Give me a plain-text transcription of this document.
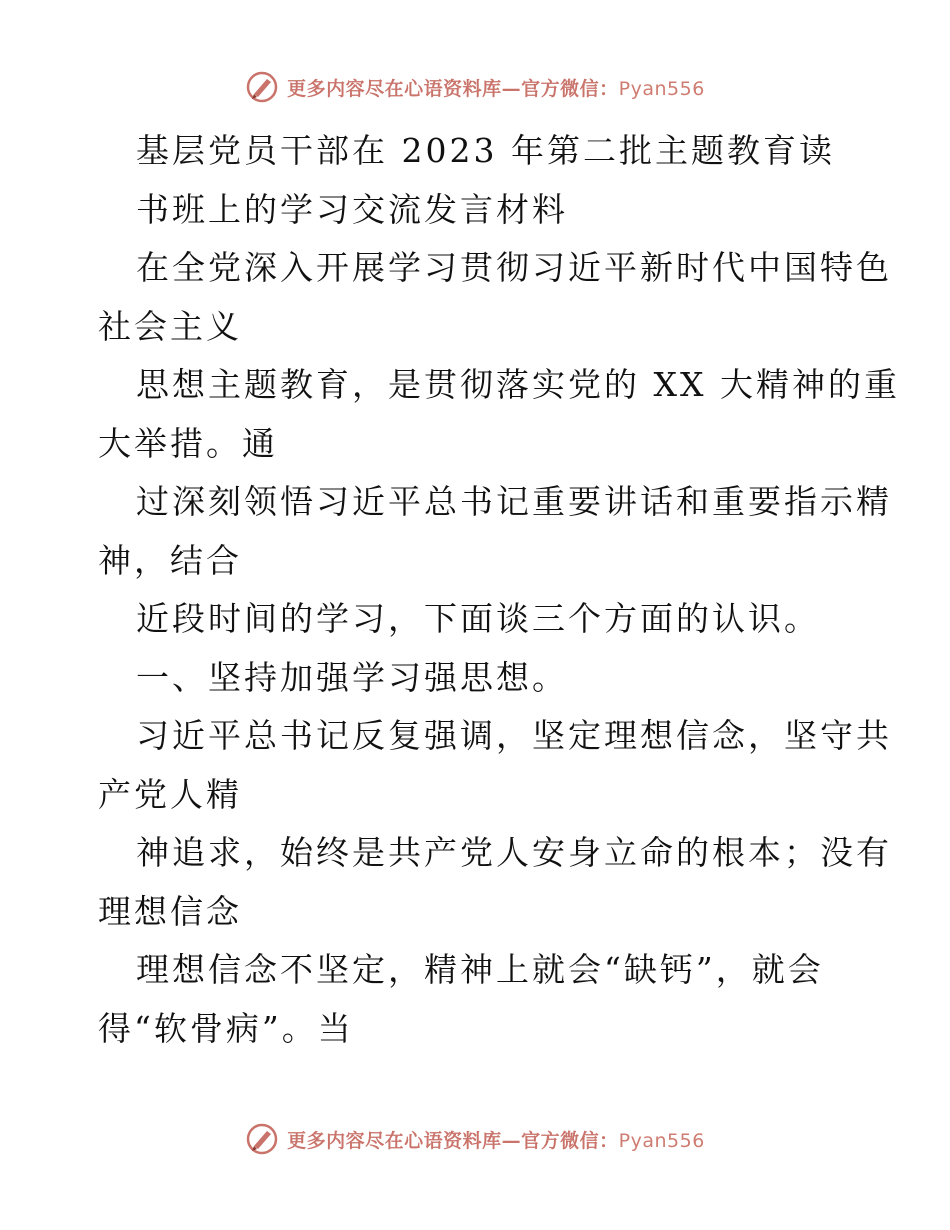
更多内容尽在心语资料库—官方微信：Pyan556
基层党员干部在 2023 年第二批主题教育读
书班上的学习交流发言材料
在全党深入开展学习贯彻习近平新时代中国特色
社会主义
思想主题教育，是贯彻落实党的 XX 大精神的重
大举措。通
过深刻领悟习近平总书记重要讲话和重要指示精
神，结合
近段时间的学习，下面谈三个方面的认识。
一、坚持加强学习强思想。
习近平总书记反复强调，坚定理想信念，坚守共
产党人精
神追求，始终是共产党人安身立命的根本；没有
理想信念
理想信念不坚定，精神上就会“缺钙”，就会
得“软骨病”。当
更多内容尽在心语资料库—官方微信：Pyan556
